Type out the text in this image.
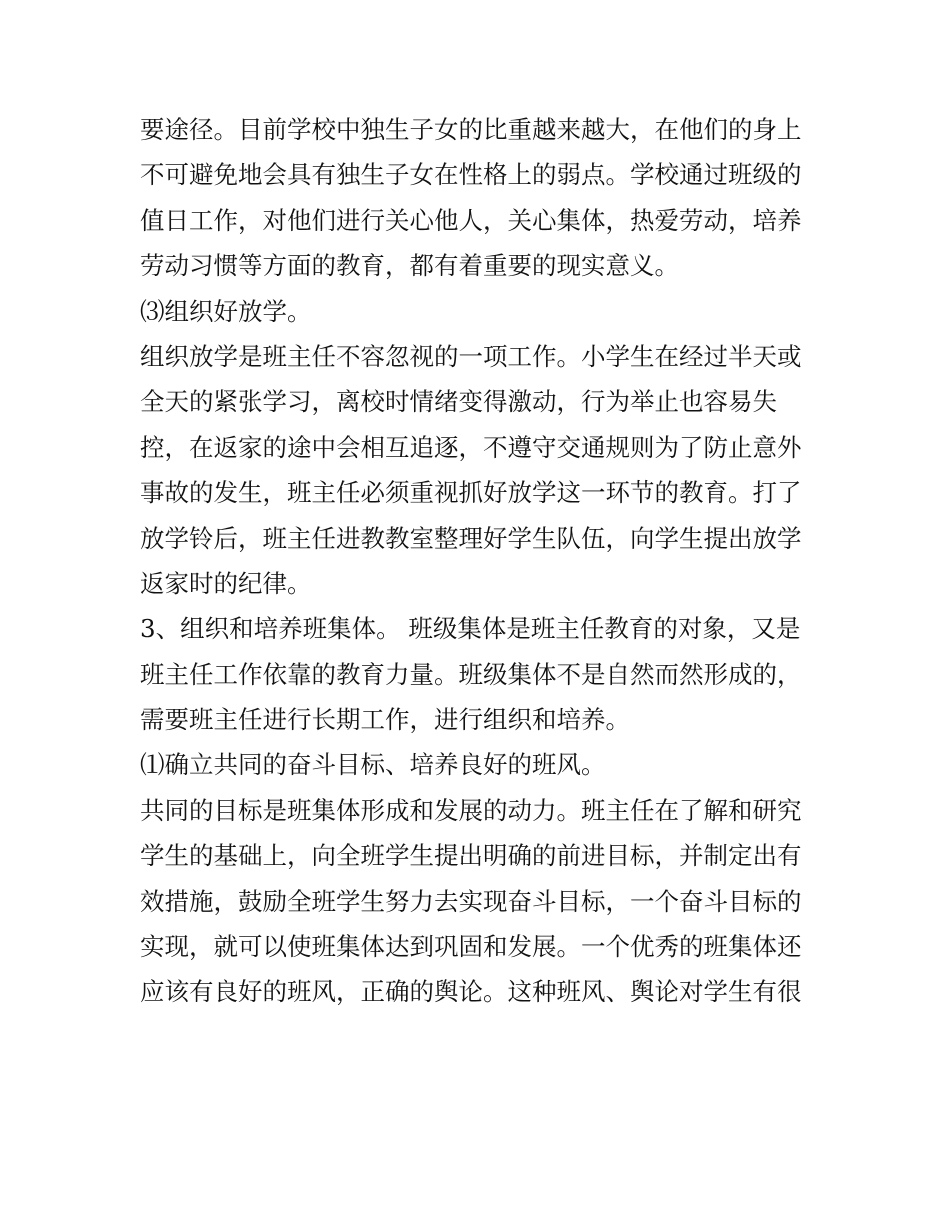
要途径。目前学校中独生子女的比重越来越大，在他们的身上
不可避免地会具有独生子女在性格上的弱点。学校通过班级的
值日工作，对他们进行关心他人，关心集体，热爱劳动，培养
劳动习惯等方面的教育，都有着重要的现实意义。
⑶组织好放学。
组织放学是班主任不容忽视的一项工作。小学生在经过半天或
全天的紧张学习，离校时情绪变得激动，行为举止也容易失
控，在返家的途中会相互追逐，不遵守交通规则为了防止意外
事故的发生，班主任必须重视抓好放学这一环节的教育。打了
放学铃后，班主任进教教室整理好学生队伍，向学生提出放学
返家时的纪律。
3、组织和培养班集体。 班级集体是班主任教育的对象，又是
班主任工作依靠的教育力量。班级集体不是自然而然形成的，
需要班主任进行长期工作，进行组织和培养。
⑴确立共同的奋斗目标、培养良好的班风。
共同的目标是班集体形成和发展的动力。班主任在了解和研究
学生的基础上，向全班学生提出明确的前进目标，并制定出有
效措施，鼓励全班学生努力去实现奋斗目标，一个奋斗目标的
实现，就可以使班集体达到巩固和发展。一个优秀的班集体还
应该有良好的班风，正确的舆论。这种班风、舆论对学生有很
